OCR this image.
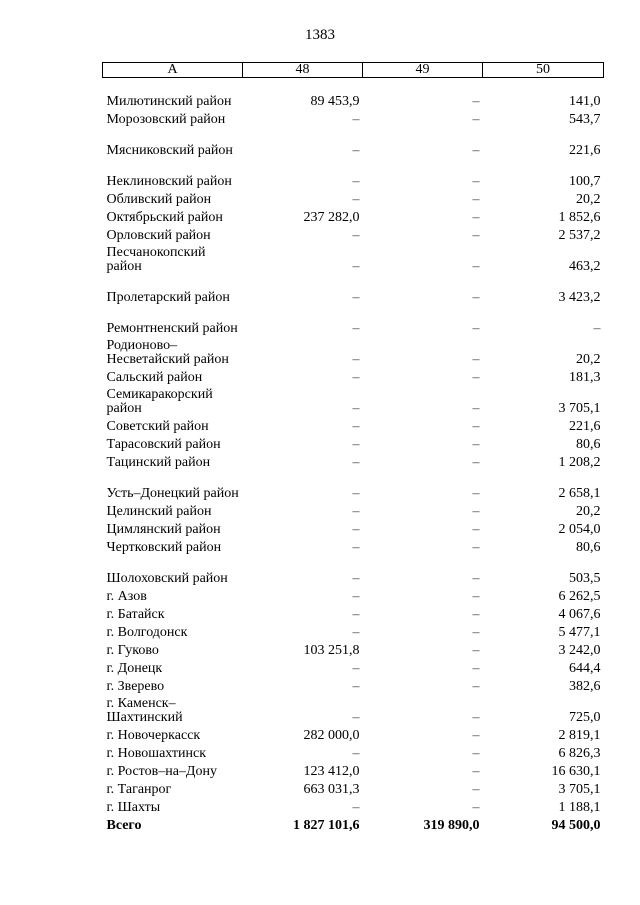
1383
А	48	49	50
Милютинский район	89 453,9	–	141,0
Морозовский район	–	–	543,7
Мясниковский район	–	–	221,6
Неклиновский район	–	–	100,7
Обливский район	–	–	20,2
Октябрьский район	237 282,0	–	1 852,6
Орловский район	–	–	2 537,2
Песчанокопский район	–	–	463,2
Пролетарский район	–	–	3 423,2
Ремонтненский район	–	–	–
Родионово–Несветайский район	–	–	20,2
Сальский район	–	–	181,3
Семикаракорский район	–	–	3 705,1
Советский район	–	–	221,6
Тарасовский район	–	–	80,6
Тацинский район	–	–	1 208,2
Усть–Донецкий район	–	–	2 658,1
Целинский район	–	–	20,2
Цимлянский район	–	–	2 054,0
Чертковский район	–	–	80,6
Шолоховский район	–	–	503,5
г. Азов	–	–	6 262,5
г. Батайск	–	–	4 067,6
г. Волгодонск	–	–	5 477,1
г. Гуково	103 251,8	–	3 242,0
г. Донецк	–	–	644,4
г. Зверево	–	–	382,6
г. Каменск–Шахтинский	–	–	725,0
г. Новочеркасск	282 000,0	–	2 819,1
г. Новошахтинск	–	–	6 826,3
г. Ростов–на–Дону	123 412,0	–	16 630,1
г. Таганрог	663 031,3	–	3 705,1
г. Шахты	–	–	1 188,1
Всего	1 827 101,6	319 890,0	94 500,0
